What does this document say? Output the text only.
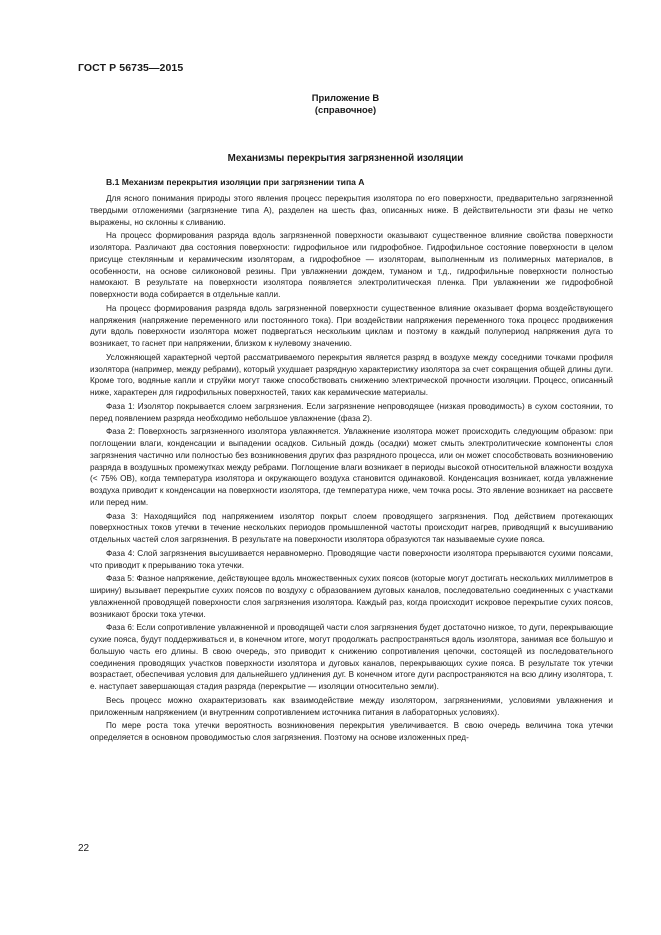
ГОСТ Р 56735—2015
Приложение В
(справочное)
Механизмы перекрытия загрязненной изоляции
В.1 Механизм перекрытия изоляции при загрязнении типа А

Для ясного понимания природы этого явления процесс перекрытия изолятора по его поверхности, предварительно загрязненной твердыми отложениями (загрязнение типа А), разделен на шесть фаз, описанных ниже. В действительности эти фазы не четко выражены, но склонны к сливанию.

На процесс формирования разряда вдоль загрязненной поверхности оказывают существенное влияние свойства поверхности изолятора. Различают два состояния поверхности: гидрофильное или гидрофобное. Гидрофильное состояние поверхности в целом присуще стеклянным и керамическим изоляторам, а гидрофобное — изоляторам, выполненным из полимерных материалов, в особенности, на основе силиконовой резины. При увлажнении дождем, туманом и т.д., гидрофильные поверхности полностью намокают. В результате на поверхности изолятора появляется электролитическая пленка. При увлажнении же гидрофобной поверхности вода собирается в отдельные капли.

На процесс формирования разряда вдоль загрязненной поверхности существенное влияние оказывает форма воздействующего напряжения (напряжение переменного или постоянного тока). При воздействии напряжения переменного тока процесс продвижения дуги вдоль поверхности изолятора может подвергаться нескольким циклам и поэтому в каждый полупериод напряжения дуга то возникает, то гаснет при напряжении, близком к нулевому значению.

Усложняющей характерной чертой рассматриваемого перекрытия является разряд в воздухе между соседними точками профиля изолятора (например, между ребрами), который ухудшает разрядную характеристику изолятора за счет сокращения общей длины дуги. Кроме того, водяные капли и струйки могут также способствовать снижению электрической прочности изоляции. Процесс, описанный ниже, характерен для гидрофильных поверхностей, таких как керамические материалы.

Фаза 1: Изолятор покрывается слоем загрязнения. Если загрязнение непроводящее (низкая проводимость) в сухом состоянии, то перед появлением разряда необходимо небольшое увлажнение (фаза 2).

Фаза 2: Поверхность загрязненного изолятора увлажняется. Увлажнение изолятора может происходить следующим образом: при поглощении влаги, конденсации и выпадении осадков. Сильный дождь (осадки) может смыть электролитические компоненты слоя загрязнения частично или полностью без возникновения других фаз разрядного процесса, или он может способствовать возникновению разряда в воздушных промежутках между ребрами. Поглощение влаги возникает в периоды высокой относительной влажности воздуха (< 75% ОВ), когда температура изолятора и окружающего воздуха становится одинаковой. Конденсация возникает, когда увлажнение воздуха приводит к конденсации на поверхности изолятора, где температура ниже, чем точка росы. Это явление возникает на рассвете или перед ним.

Фаза 3: Находящийся под напряжением изолятор покрыт слоем проводящего загрязнения. Под действием протекающих поверхностных токов утечки в течение нескольких периодов промышленной частоты происходит нагрев, приводящий к высушиванию отдельных частей слоя загрязнения. В результате на поверхности изолятора образуются так называемые сухие пояса.

Фаза 4: Слой загрязнения высушивается неравномерно. Проводящие части поверхности изолятора прерываются сухими поясами, что приводит к прерыванию тока утечки.

Фаза 5: Фазное напряжение, действующее вдоль множественных сухих поясов (которые могут достигать нескольких миллиметров в ширину) вызывает перекрытие сухих поясов по воздуху с образованием дуговых каналов, последовательно соединенных с участками увлажненной проводящей поверхности слоя загрязнения изолятора. Каждый раз, когда происходит искровое перекрытие сухих поясов, возникают броски тока утечки.

Фаза 6: Если сопротивление увлажненной и проводящей части слоя загрязнения будет достаточно низкое, то дуги, перекрывающие сухие пояса, будут поддерживаться и, в конечном итоге, могут продолжать распространяться вдоль изолятора, занимая все большую и большую часть его длины. В свою очередь, это приводит к снижению сопротивления цепочки, состоящей из последовательного соединения проводящих участков поверхности изолятора и дуговых каналов, перекрывающих сухие пояса. В результате ток утечки возрастает, обеспечивая условия для дальнейшего удлинения дуг. В конечном итоге дуги распространяются на всю длину изолятора, т. е. наступает завершающая стадия разряда (перекрытие — изоляции относительно земли).

Весь процесс можно охарактеризовать как взаимодействие между изолятором, загрязнениями, условиями увлажнения и приложенным напряжением (и внутренним сопротивлением источника питания в лабораторных условиях).

По мере роста тока утечки вероятность возникновения перекрытия увеличивается. В свою очередь величина тока утечки определяется в основном проводимостью слоя загрязнения. Поэтому на основе изложенных пред-

22
